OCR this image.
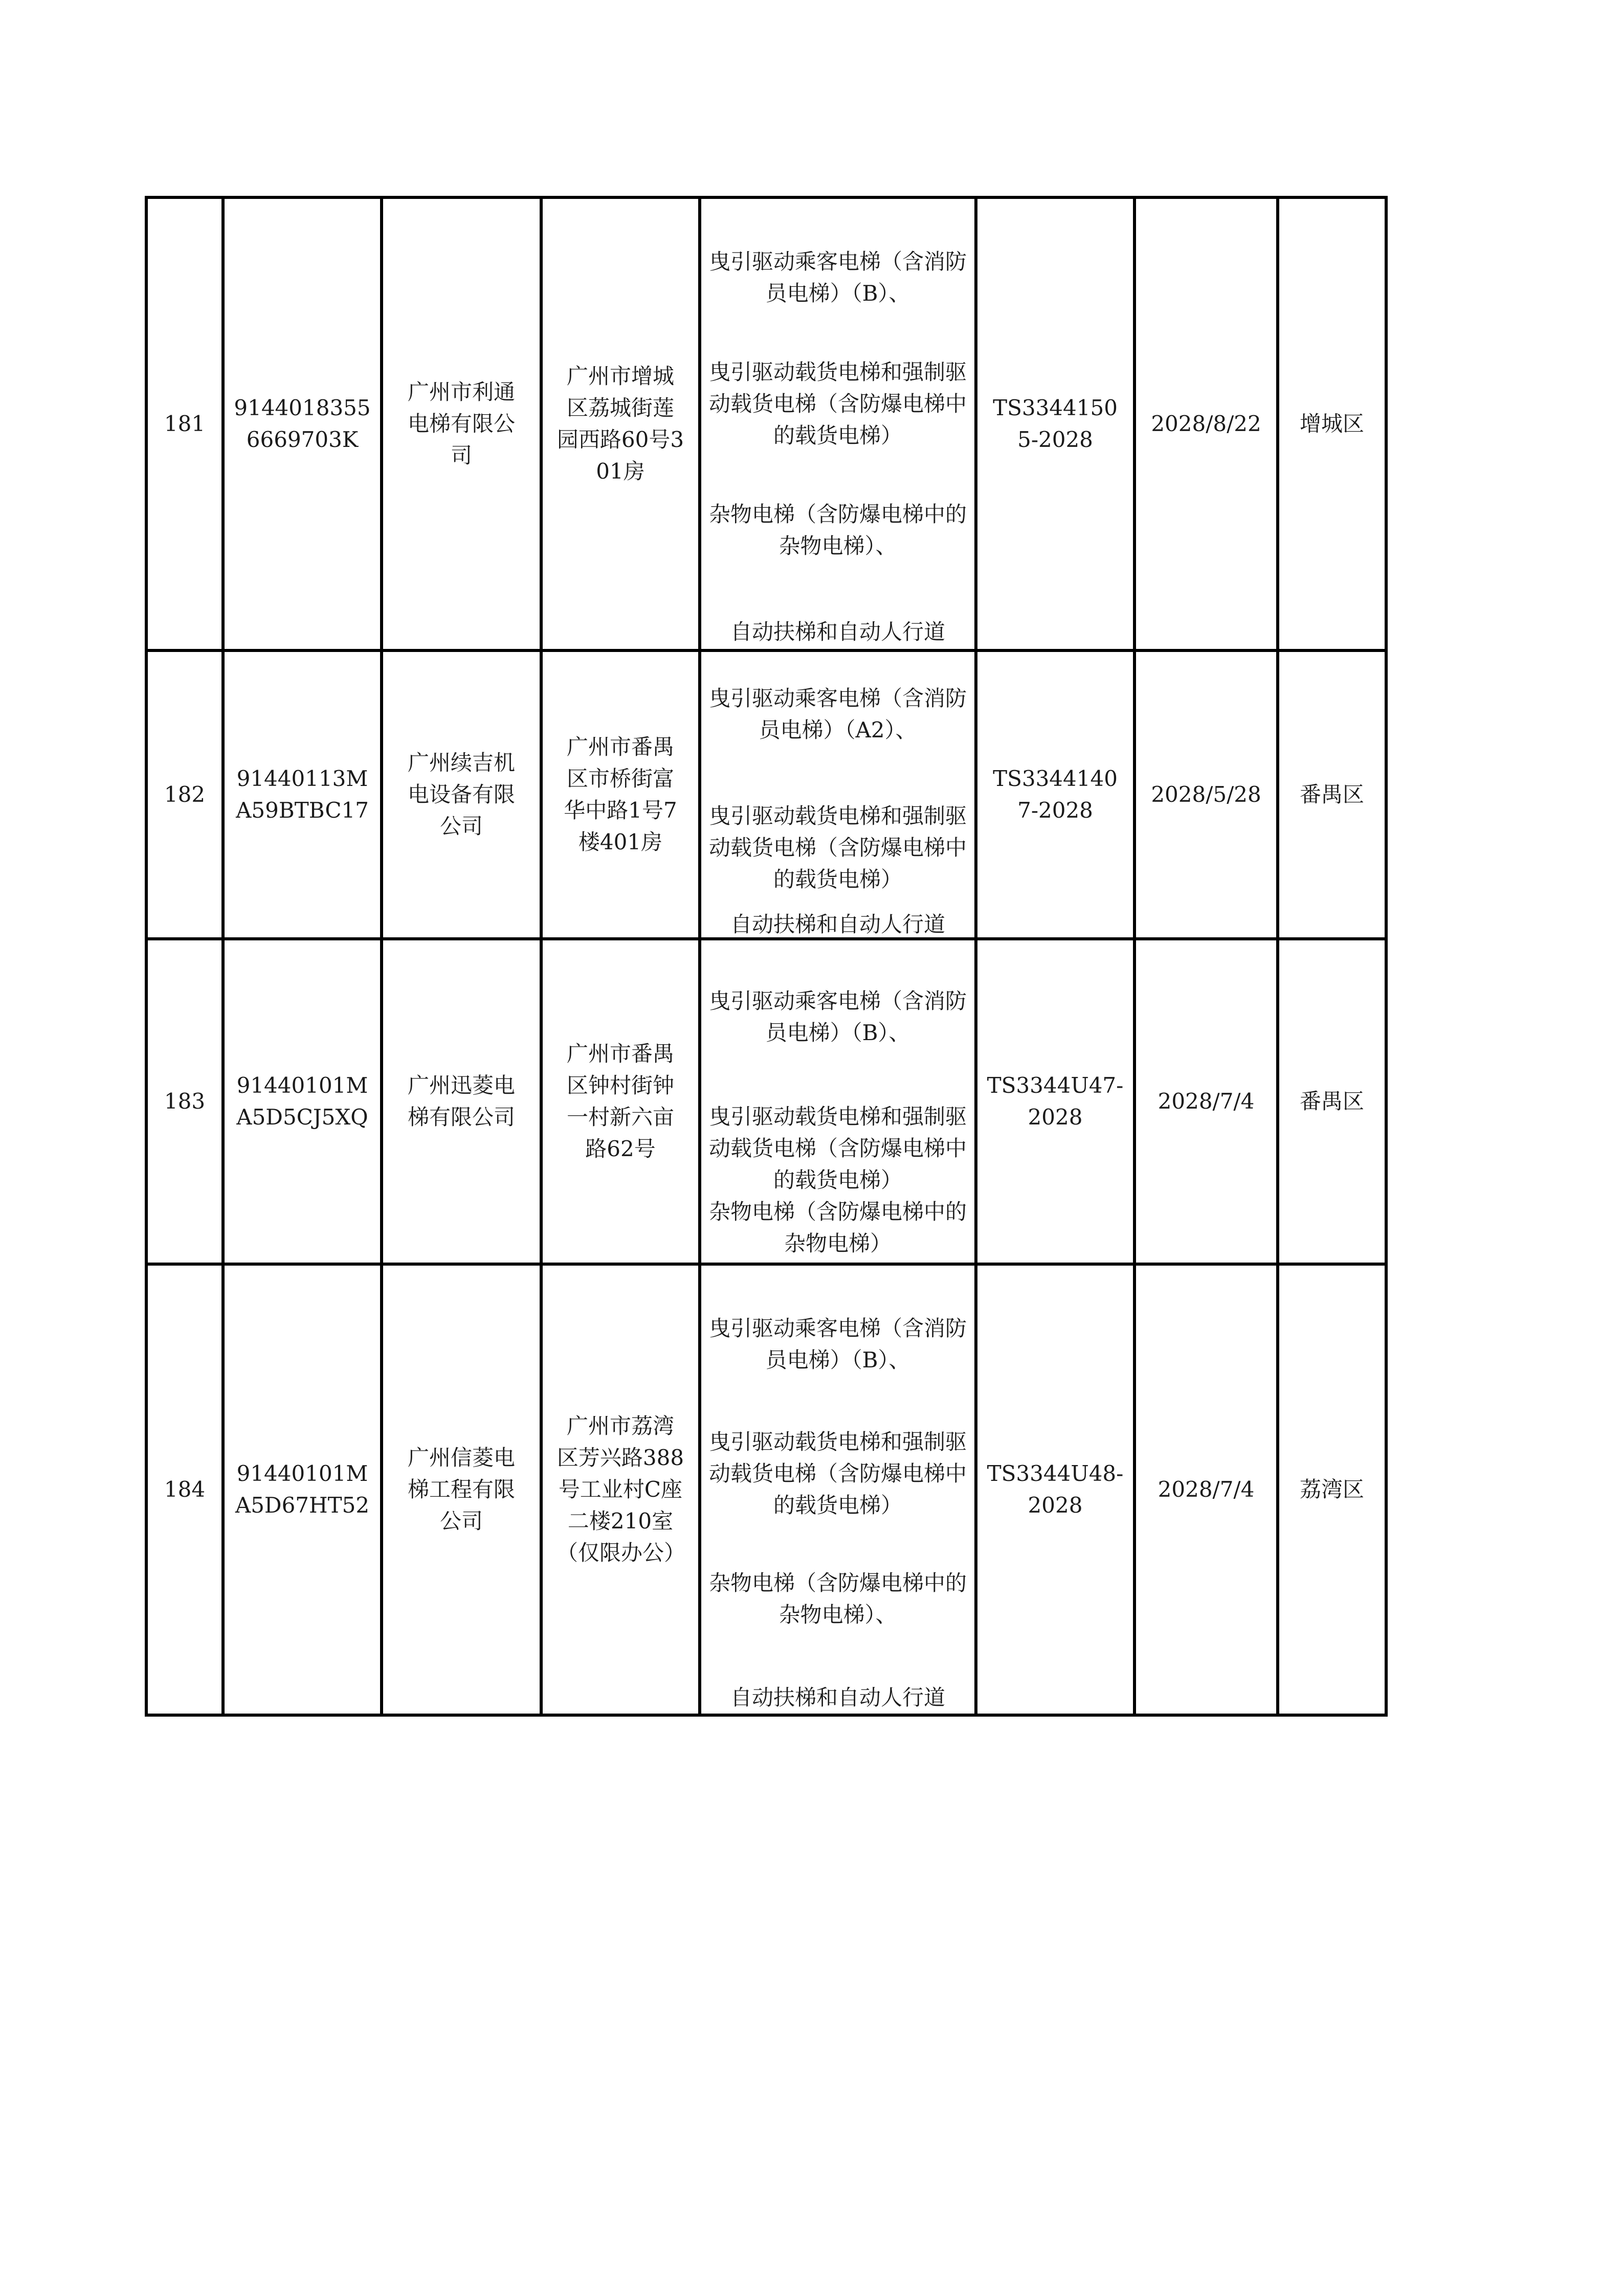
181	91440183556669703K	广州市利通电梯有限公司	广州市增城区荔城街莲园西路60号301房	曳引驱动乘客电梯（含消防员电梯）（B）、
曳引驱动载货电梯和强制驱动载货电梯（含防爆电梯中的载货电梯）
杂物电梯（含防爆电梯中的杂物电梯）、
自动扶梯和自动人行道	TS33441505-2028	2028/8/22	增城区
182	91440113MA59BTBC17	广州续吉机电设备有限公司	广州市番禺区市桥街富华中路1号7楼401房	曳引驱动乘客电梯（含消防员电梯）（A2）、
曳引驱动载货电梯和强制驱动载货电梯（含防爆电梯中的载货电梯）
自动扶梯和自动人行道	TS33441407-2028	2028/5/28	番禺区
183	91440101MA5D5CJ5XQ	广州迅菱电梯有限公司	广州市番禺区钟村街钟一村新六亩路62号	曳引驱动乘客电梯（含消防员电梯）（B）、
曳引驱动载货电梯和强制驱动载货电梯（含防爆电梯中的载货电梯）
杂物电梯（含防爆电梯中的杂物电梯）	TS3344U47-2028	2028/7/4	番禺区
184	91440101MA5D67HT52	广州信菱电梯工程有限公司	广州市荔湾区芳兴路388号工业村C座二楼210室（仅限办公）	曳引驱动乘客电梯（含消防员电梯）（B）、
曳引驱动载货电梯和强制驱动载货电梯（含防爆电梯中的载货电梯）
杂物电梯（含防爆电梯中的杂物电梯）、
自动扶梯和自动人行道	TS3344U48-2028	2028/7/4	荔湾区
